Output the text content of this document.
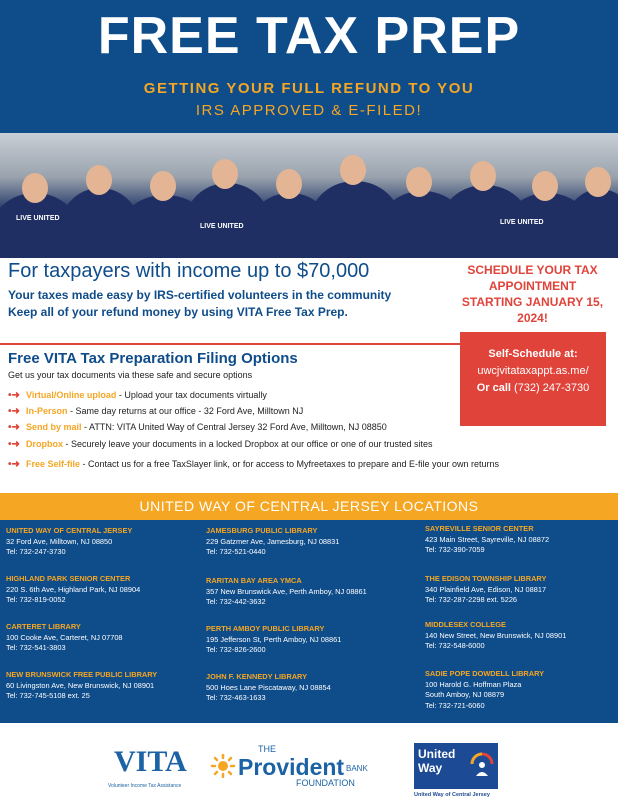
FREE TAX PREP
GETTING YOUR FULL REFUND TO YOU
IRS APPROVED & E-FILED!
LIVE UNITED
LIVE UNITED
LIVE UNITED
For taxpayers with income up to $70,000
Your taxes made easy by IRS-certified volunteers in the community
Keep all of your refund money by using VITA Free Tax Prep.
SCHEDULE YOUR TAX
APPOINTMENT
STARTING JANUARY 15,
2024!
Self-Schedule at:
uwcjvitataxappt.as.me/
Or call (732) 247-3730
Free VITA Tax Preparation Filing Options
Get us your tax documents via these safe and secure options
•➜ Virtual/Online upload - Upload your tax documents virtually
•➜ In-Person - Same day returns at our office - 32 Ford Ave, Milltown NJ
•➜ Send by mail - ATTN: VITA United Way of Central Jersey 32 Ford Ave, Milltown, NJ 08850
•➜ Dropbox - Securely leave your documents in a locked Dropbox at our office or one of our trusted sites
•➜ Free Self-file - Contact us for a free TaxSlayer link, or for access to Myfreetaxes to prepare and E-file your own returns
UNITED WAY OF CENTRAL JERSEY LOCATIONS
UNITED WAY OF CENTRAL JERSEY
32 Ford Ave, Milltown, NJ 08850
Tel: 732-247-3730
HIGHLAND PARK SENIOR CENTER
220 S. 6th Ave, Highland Park, NJ 08904
Tel: 732-819-0052
CARTERET LIBRARY
100 Cooke Ave, Carteret, NJ 07708
Tel: 732-541-3803
NEW BRUNSWICK FREE PUBLIC LIBRARY
60 Livingston Ave, New Brunswick, NJ 08901
Tel: 732-745-5108 ext. 25
JAMESBURG PUBLIC LIBRARY
229 Gatzmer Ave, Jamesburg, NJ 08831
Tel: 732-521-0440
RARITAN BAY AREA YMCA
357 New Brunswick Ave, Perth Amboy, NJ 08861
Tel: 732-442-3632
PERTH AMBOY PUBLIC LIBRARY
195 Jefferson St, Perth Amboy, NJ 08861
Tel: 732-826-2600
JOHN F. KENNEDY LIBRARY
500 Hoes Lane Piscataway, NJ 08854
Tel: 732-463-1633
SAYREVILLE SENIOR CENTER
423 Main Street, Sayreville, NJ 08872
Tel: 732-390-7059
THE EDISON TOWNSHIP LIBRARY
340 Plainfield Ave, Edison, NJ 08817
Tel: 732-287-2298 ext. 5226
MIDDLESEX COLLEGE
140 New Street, New Brunswick, NJ 08901
Tel: 732-548-6000
SADIE POPE DOWDELL LIBRARY
100 Harold G. Hoffman Plaza
South Amboy, NJ 08879
Tel: 732-721-6060
VITA
Volunteer Income Tax Assistance
THE
Provident BANK
FOUNDATION
United
Way
United Way of Central Jersey
